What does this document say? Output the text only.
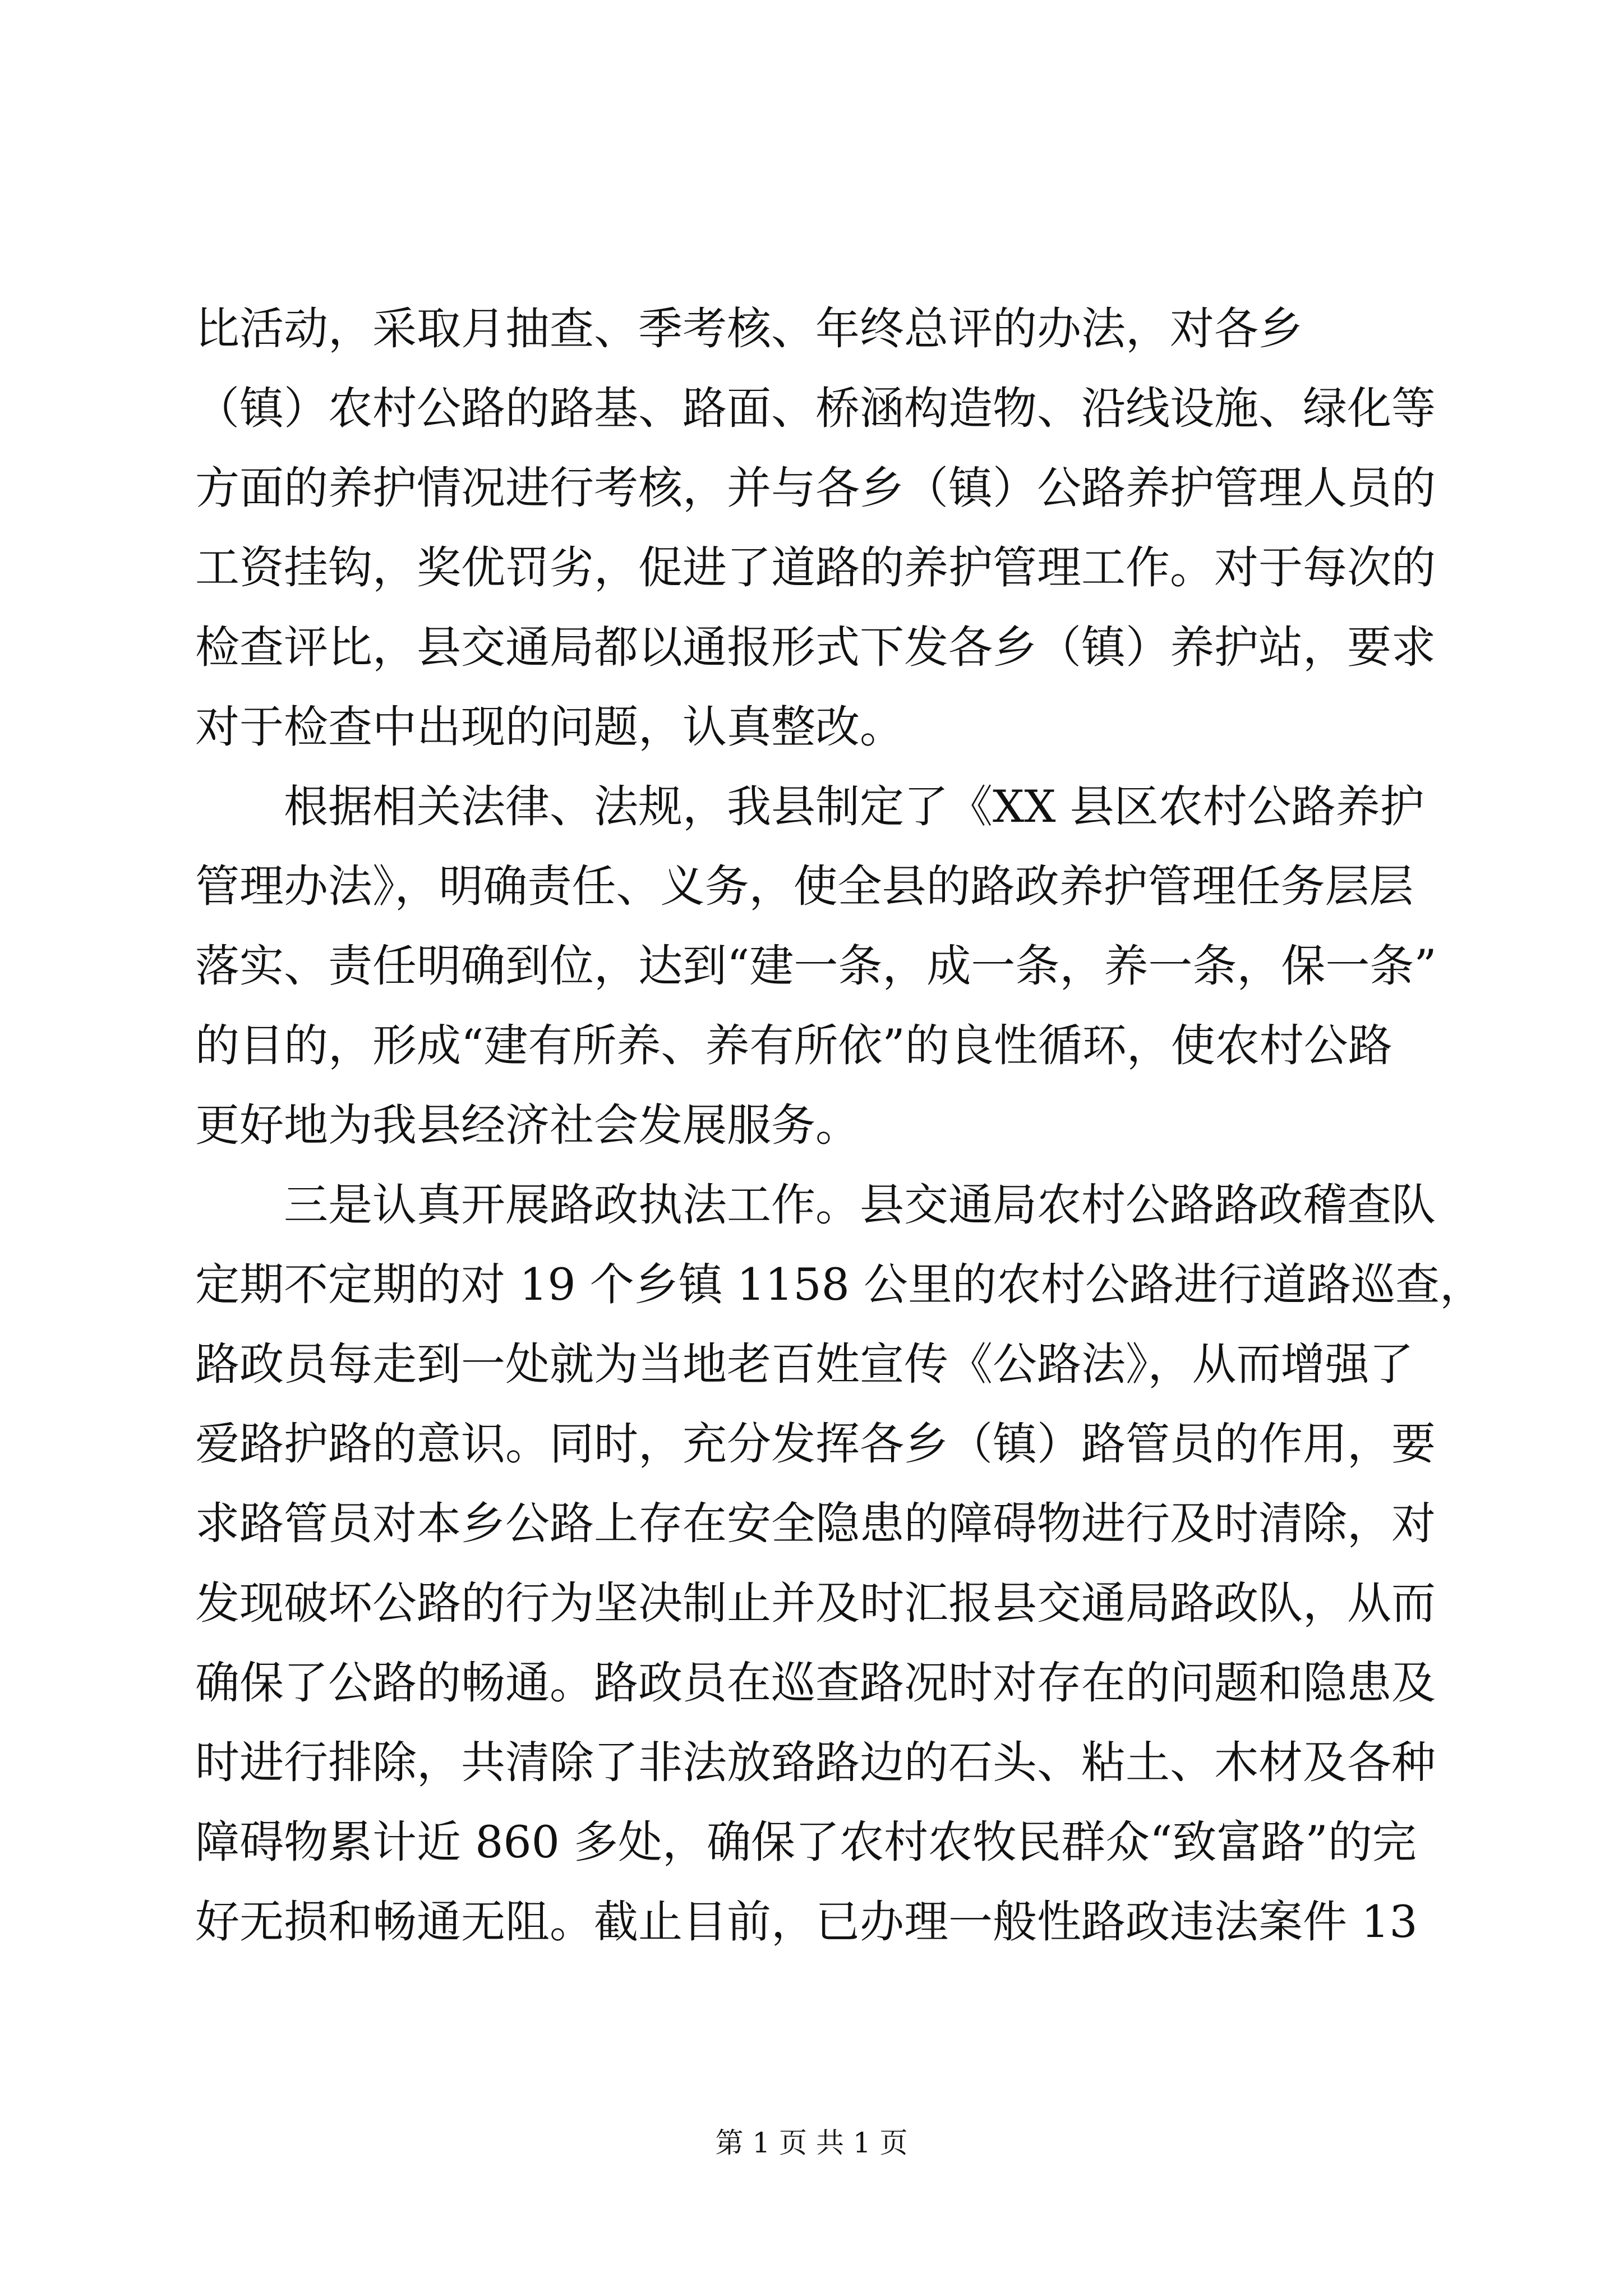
比活动，采取月抽查、季考核、年终总评的办法，对各乡
（镇）农村公路的路基、路面、桥涵构造物、沿线设施、绿化等
方面的养护情况进行考核，并与各乡（镇）公路养护管理人员的
工资挂钩，奖优罚劣，促进了道路的养护管理工作。对于每次的
检查评比，县交通局都以通报形式下发各乡（镇）养护站，要求
对于检查中出现的问题，认真整改。
根据相关法律、法规，我县制定了《XX 县区农村公路养护
管理办法》，明确责任、义务，使全县的路政养护管理任务层层
落实、责任明确到位，达到“建一条，成一条，养一条，保一条”
的目的，形成“建有所养、养有所依”的良性循环，使农村公路
更好地为我县经济社会发展服务。
三是认真开展路政执法工作。县交通局农村公路路政稽查队
定期不定期的对 19 个乡镇 1158 公里的农村公路进行道路巡查，
路政员每走到一处就为当地老百姓宣传《公路法》，从而增强了
爱路护路的意识。同时，充分发挥各乡（镇）路管员的作用，要
求路管员对本乡公路上存在安全隐患的障碍物进行及时清除，对
发现破坏公路的行为坚决制止并及时汇报县交通局路政队，从而
确保了公路的畅通。路政员在巡查路况时对存在的问题和隐患及
时进行排除，共清除了非法放臵路边的石头、粘土、木材及各种
障碍物累计近 860 多处，确保了农村农牧民群众“致富路”的完
好无损和畅通无阻。截止目前，已办理一般性路政违法案件 13
第 1 页 共 1 页
